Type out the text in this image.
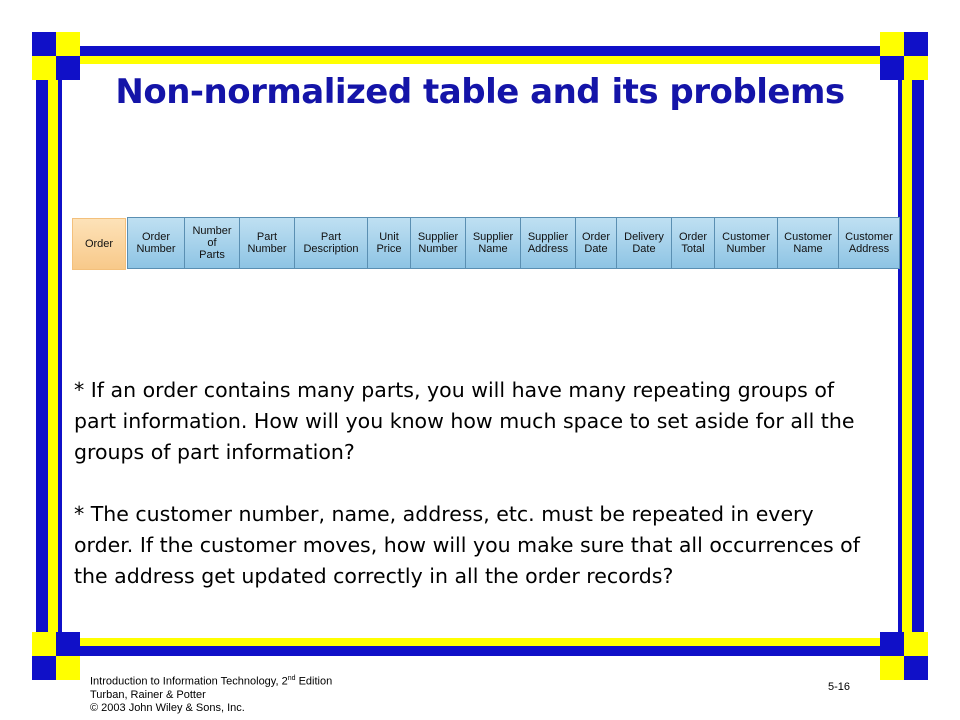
Non-normalized table and its problems
Order
Order
Number
Number
of
Parts
Part
Number
Part
Description
Unit
Price
Supplier
Number
Supplier
Name
Supplier
Address
Order
Date
Delivery
Date
Order
Total
Customer
Number
Customer
Name
Customer
Address

* If an order contains many parts, you will have many repeating groups of part information. How will you know how much space to set aside for all the groups of part information?

* The customer number, name, address, etc. must be repeated in every order. If the customer moves, how will you make sure that all occurrences of the address get updated correctly in all the order records?

Introduction to Information Technology, 2nd Edition
Turban, Rainer & Potter
© 2003 John Wiley & Sons, Inc.
5-16
